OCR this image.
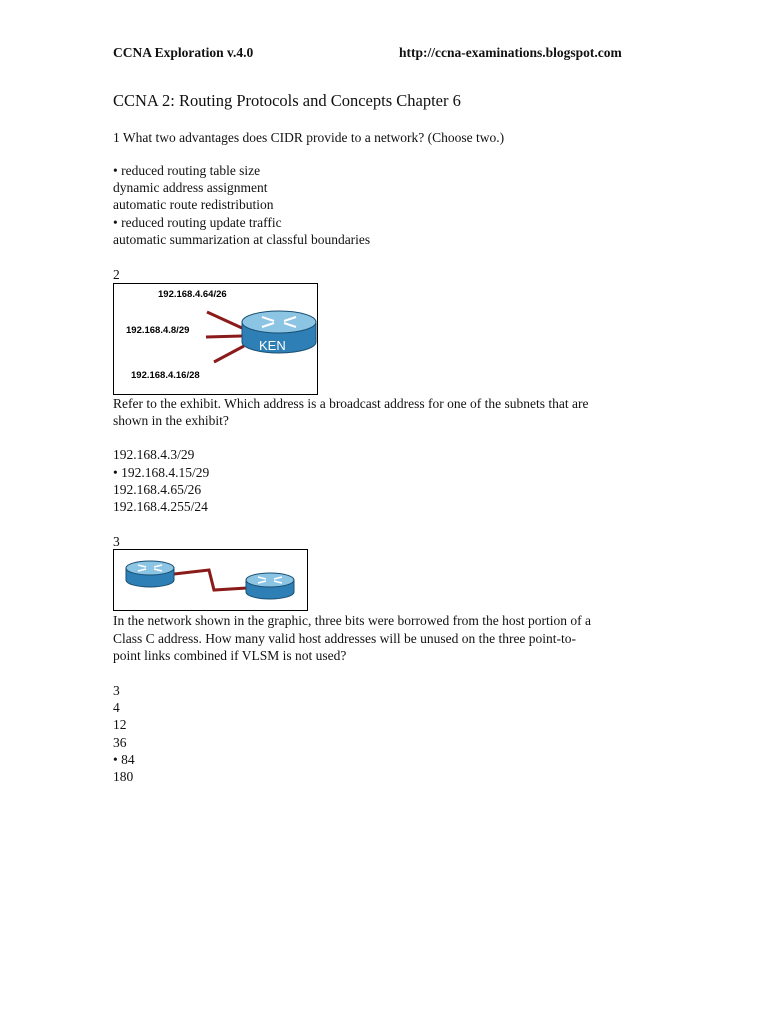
CCNA Exploration v.4.0	http://ccna-examinations.blogspot.com
CCNA 2: Routing Protocols and Concepts Chapter 6
1 What two advantages does CIDR provide to a network? (Choose two.)
• reduced routing table size
dynamic address assignment
automatic route redistribution
• reduced routing update traffic
automatic summarization at classful boundaries
2
KEN
192.168.4.64/26
192.168.4.8/29
192.168.4.16/28
Refer to the exhibit. Which address is a broadcast address for one of the subnets that are
shown in the exhibit?
192.168.4.3/29
• 192.168.4.15/29
192.168.4.65/26
192.168.4.255/24
3
In the network shown in the graphic, three bits were borrowed from the host portion of a
Class C address. How many valid host addresses will be unused on the three point-to-
point links combined if VLSM is not used?
3
4
12
36
• 84
180
